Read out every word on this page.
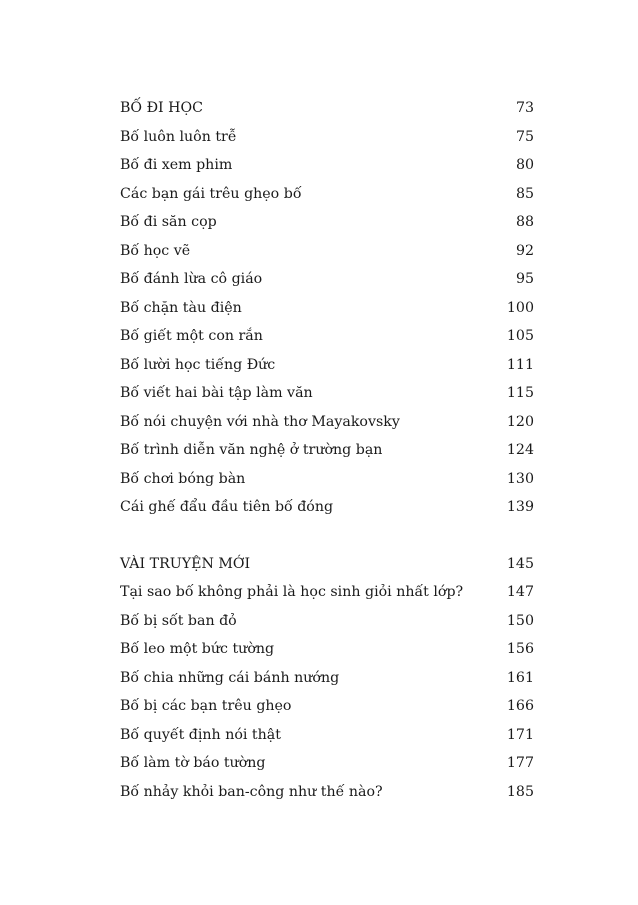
BỐ ĐI HỌC	73
Bố luôn luôn trễ	75
Bố đi xem phim	80
Các bạn gái trêu ghẹo bố	85
Bố đi săn cọp	88
Bố học vẽ	92
Bố đánh lừa cô giáo	95
Bố chặn tàu điện	100
Bố giết một con rắn	105
Bố lười học tiếng Đức	111
Bố viết hai bài tập làm văn	115
Bố nói chuyện với nhà thơ Mayakovsky	120
Bố trình diễn văn nghệ ở trường bạn	124
Bố chơi bóng bàn	130
Cái ghế đẩu đầu tiên bố đóng	139
VÀI TRUYỆN MỚI	145
Tại sao bố không phải là học sinh giỏi nhất lớp?	147
Bố bị sốt ban đỏ	150
Bố leo một bức tường	156
Bố chia những cái bánh nướng	161
Bố bị các bạn trêu ghẹo	166
Bố quyết định nói thật	171
Bố làm tờ báo tường	177
Bố nhảy khỏi ban-công như thế nào?	185
